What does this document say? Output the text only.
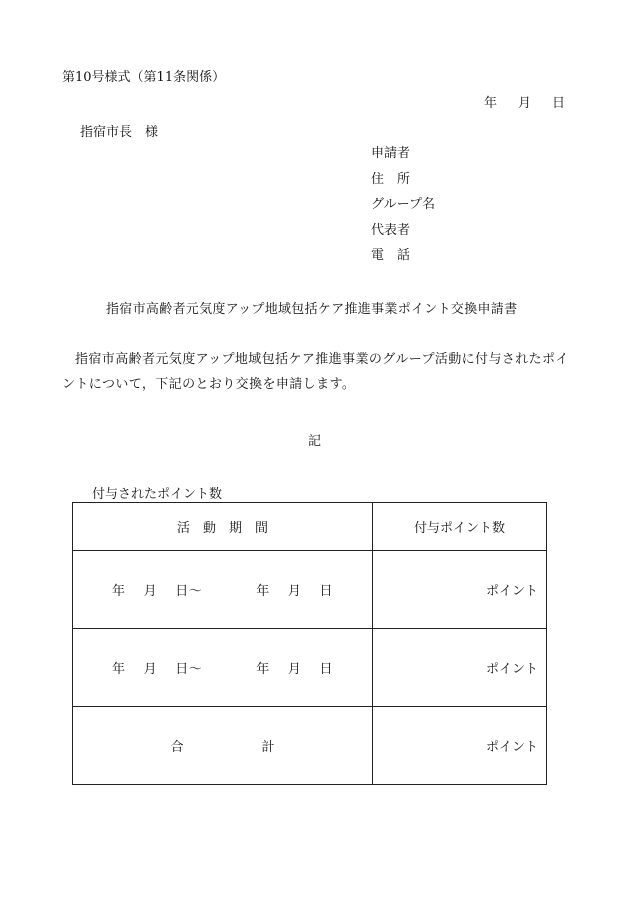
第10号様式（第11条関係）
年　月　日
指宿市長　様
申請者
住　所
グループ名
代表者
電　話
指宿市高齢者元気度アップ地域包括ケア推進事業ポイント交換申請書
指宿市高齢者元気度アップ地域包括ケア推進事業のグループ活動に付与されたポイントについて，下記のとおり交換を申請します。
記
付与されたポイント数
活　動　期　間	付与ポイント数
年　 月　 日～　　　　年　 月　 日	ポイント
年　 月　 日～　　　　年　 月　 日	ポイント
合 計	ポイント
